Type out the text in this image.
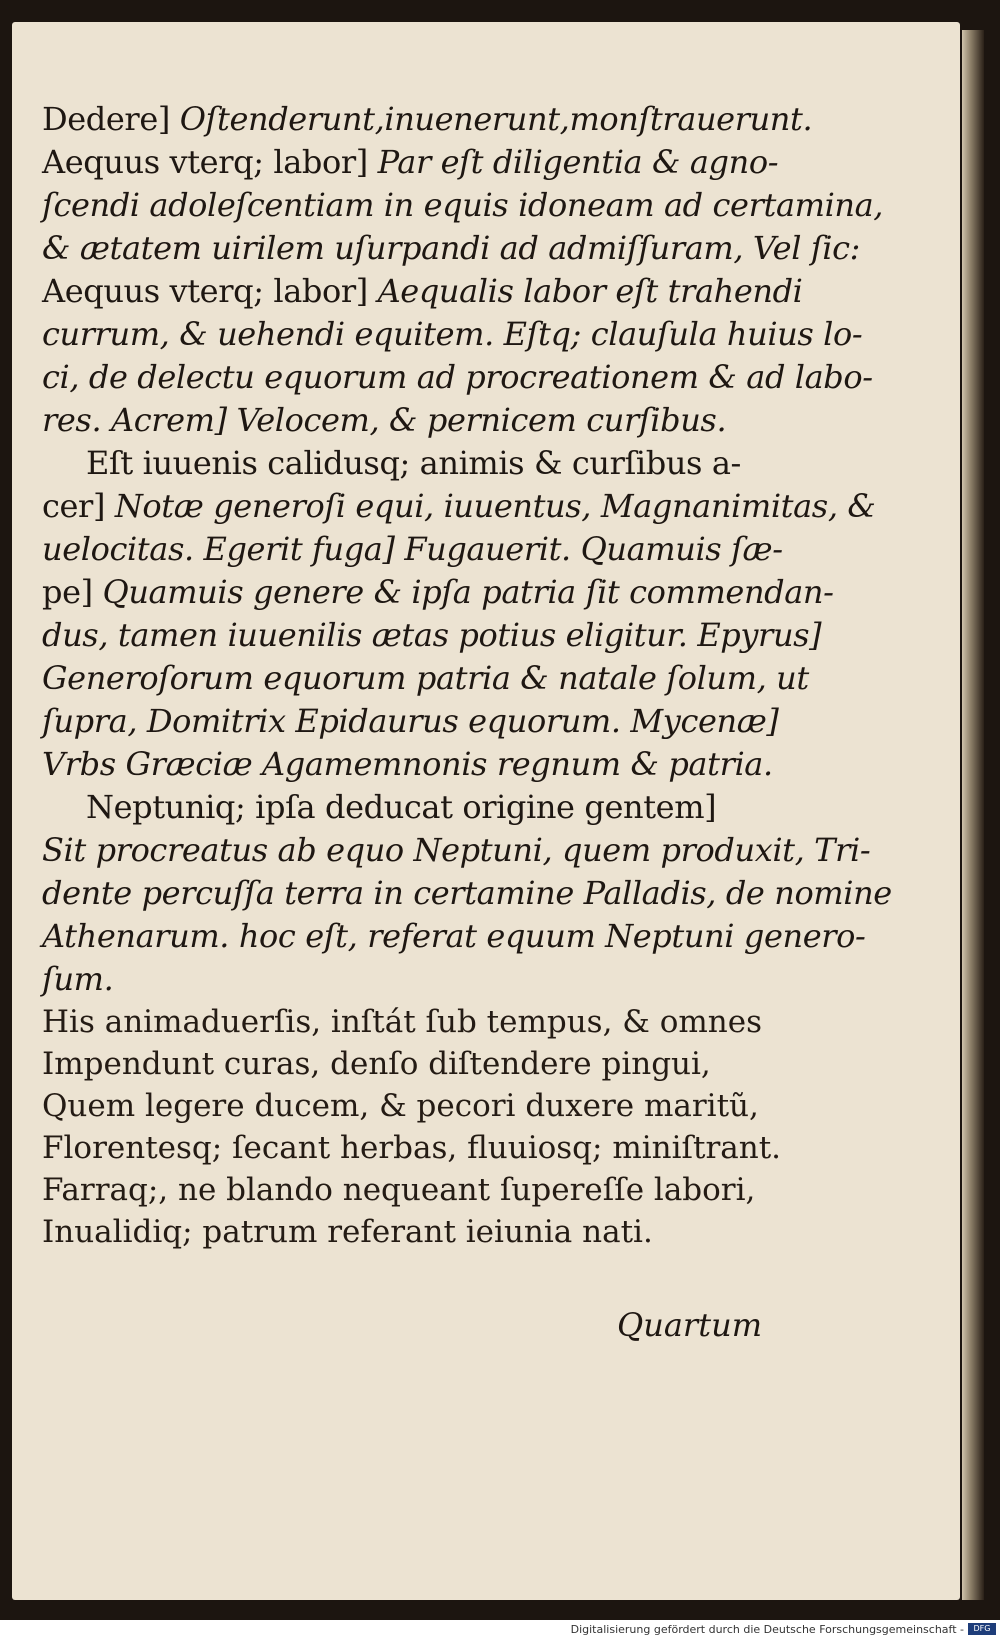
Dedere] Oſtenderunt,inuenerunt,monſtrauerunt.
Aequus vterq; labor] Par eſt diligentia & agno-
ſcendi adoleſcentiam in equis idoneam ad certamina,
& ætatem uirilem uſurpandi ad admiſſuram, Vel ſic:
Aequus vterq; labor] Aequalis labor eſt trahendi
currum, & uehendi equitem. Eſtq; clauſula huius lo-
ci, de delectu equorum ad procreationem & ad labo-
res. Acrem] Velocem, & pernicem curſibus.
Eſt iuuenis calidusq; animis & curſibus a-
cer] Notæ generoſi equi, iuuentus, Magnanimitas, &
uelocitas. Egerit fuga] Fugauerit. Quamuis ſæ-
pe] Quamuis genere & ipſa patria ſit commendan-
dus, tamen iuuenilis ætas potius eligitur. Epyrus]
Generoſorum equorum patria & natale ſolum, ut
ſupra, Domitrix Epidaurus equorum. Mycenæ]
Vrbs Græciæ Agamemnonis regnum & patria.
Neptuniq; ipſa deducat origine gentem]
Sit procreatus ab equo Neptuni, quem produxit, Tri-
dente percuſſa terra in certamine Palladis, de nomine
Athenarum. hoc eſt, referat equum Neptuni genero-
ſum.
His animaduerſis, inſtát ſub tempus, & omnes
Impendunt curas, denſo diſtendere pingui,
Quem legere ducem, & pecori duxere maritũ,
Florentesq; ſecant herbas, fluuiosq; miniſtrant.
Farraq;, ne blando nequeant ſupereſſe labori,
Inualidiq; patrum referant ieiunia nati.
Quartum
Digitalisierung gefördert durch die Deutsche Forschungsgemeinschaft -	DFG
